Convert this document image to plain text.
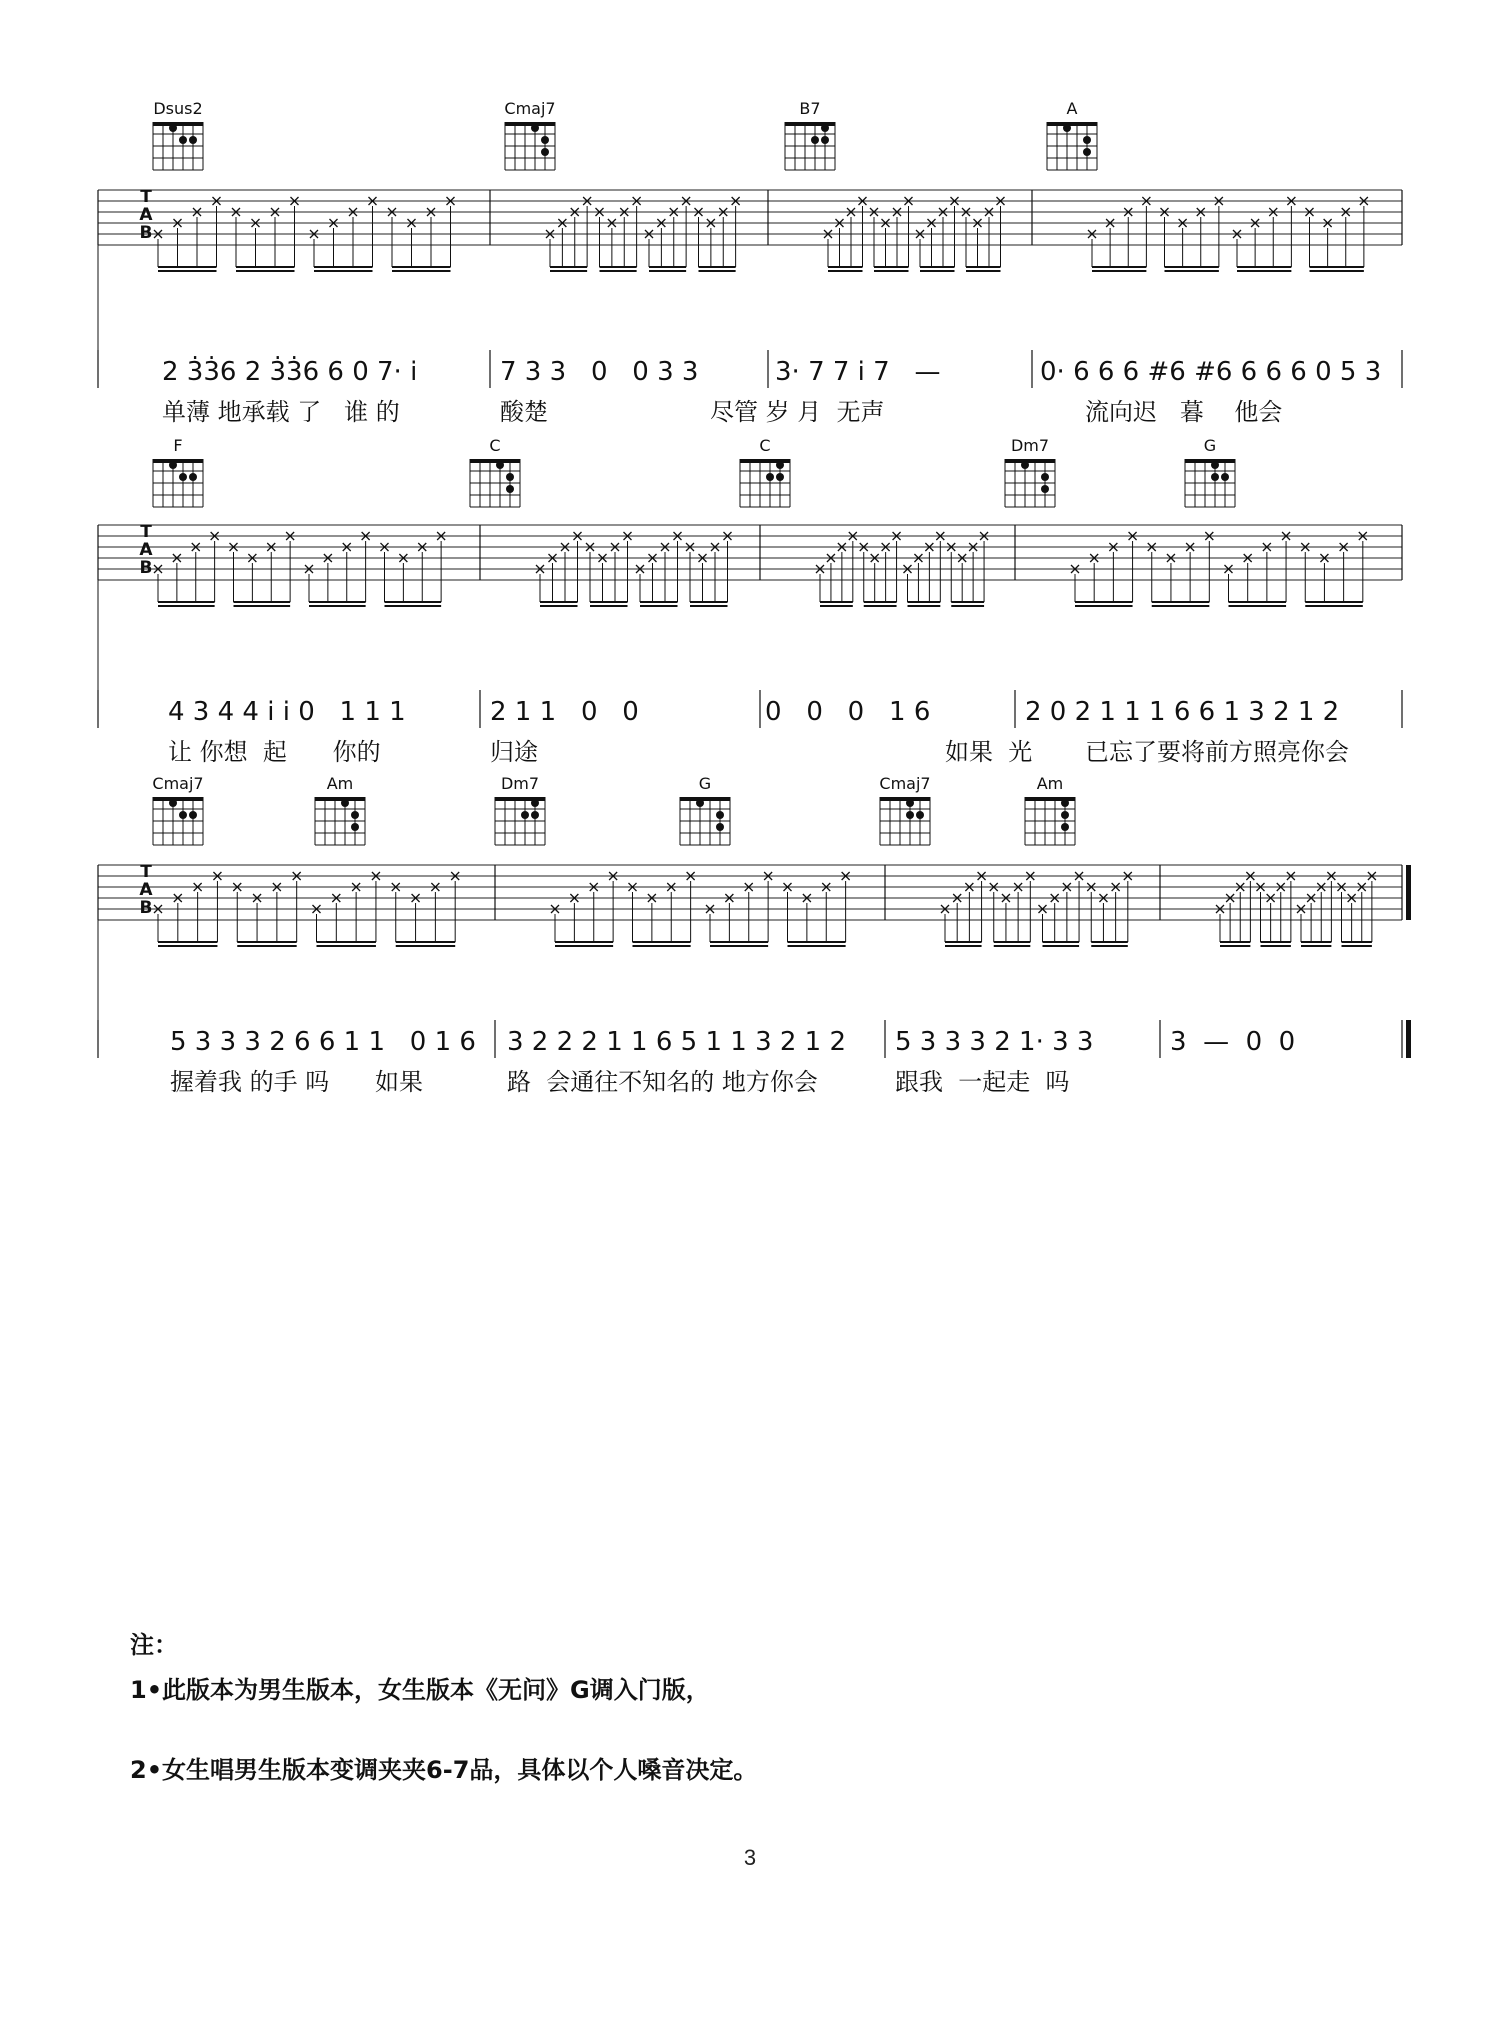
Dsus2	Cmaj7	B7	A
T
A
B
2 3̇3̇6 2 3̇3̇6 6 0 7· i	7 3 3   0   0 3 3	3· 7 7 i 7   —	0· 6 6 6 #6 #6 6 6 6 0 5 3
单薄 地承载 了   谁 的	酸楚	尽管 岁 月  无声	流向迟   暮    他会
F	C	C	Dm7	G
T
A
B
4 3 4 4 i i 0   1 1 1	2 1 1   0   0	0   0   0   1 6	2 0 2 1 1 1 6 6 1 3 2 1 2
让 你想  起      你的	归途	如果  光 已忘了要将前方照亮你会
Cmaj7	Am	Dm7	G	Cmaj7	Am
T
A
B
5 3 3 3 2 6 6 1 1   0 1 6 3 2 2 2 1 1 6 5 1 1 3 2 1 2 5 3 3 3 2 1· 3 3	3  —  0  0
握着我 的手 吗      如果	路  会通往不知名的 地方你会	跟我  一起走  吗
注：
1•此版本为男生版本，女生版本《无问》G调入门版，
2•女生唱男生版本变调夹夹6-7品，具体以个人嗓音决定。
3
